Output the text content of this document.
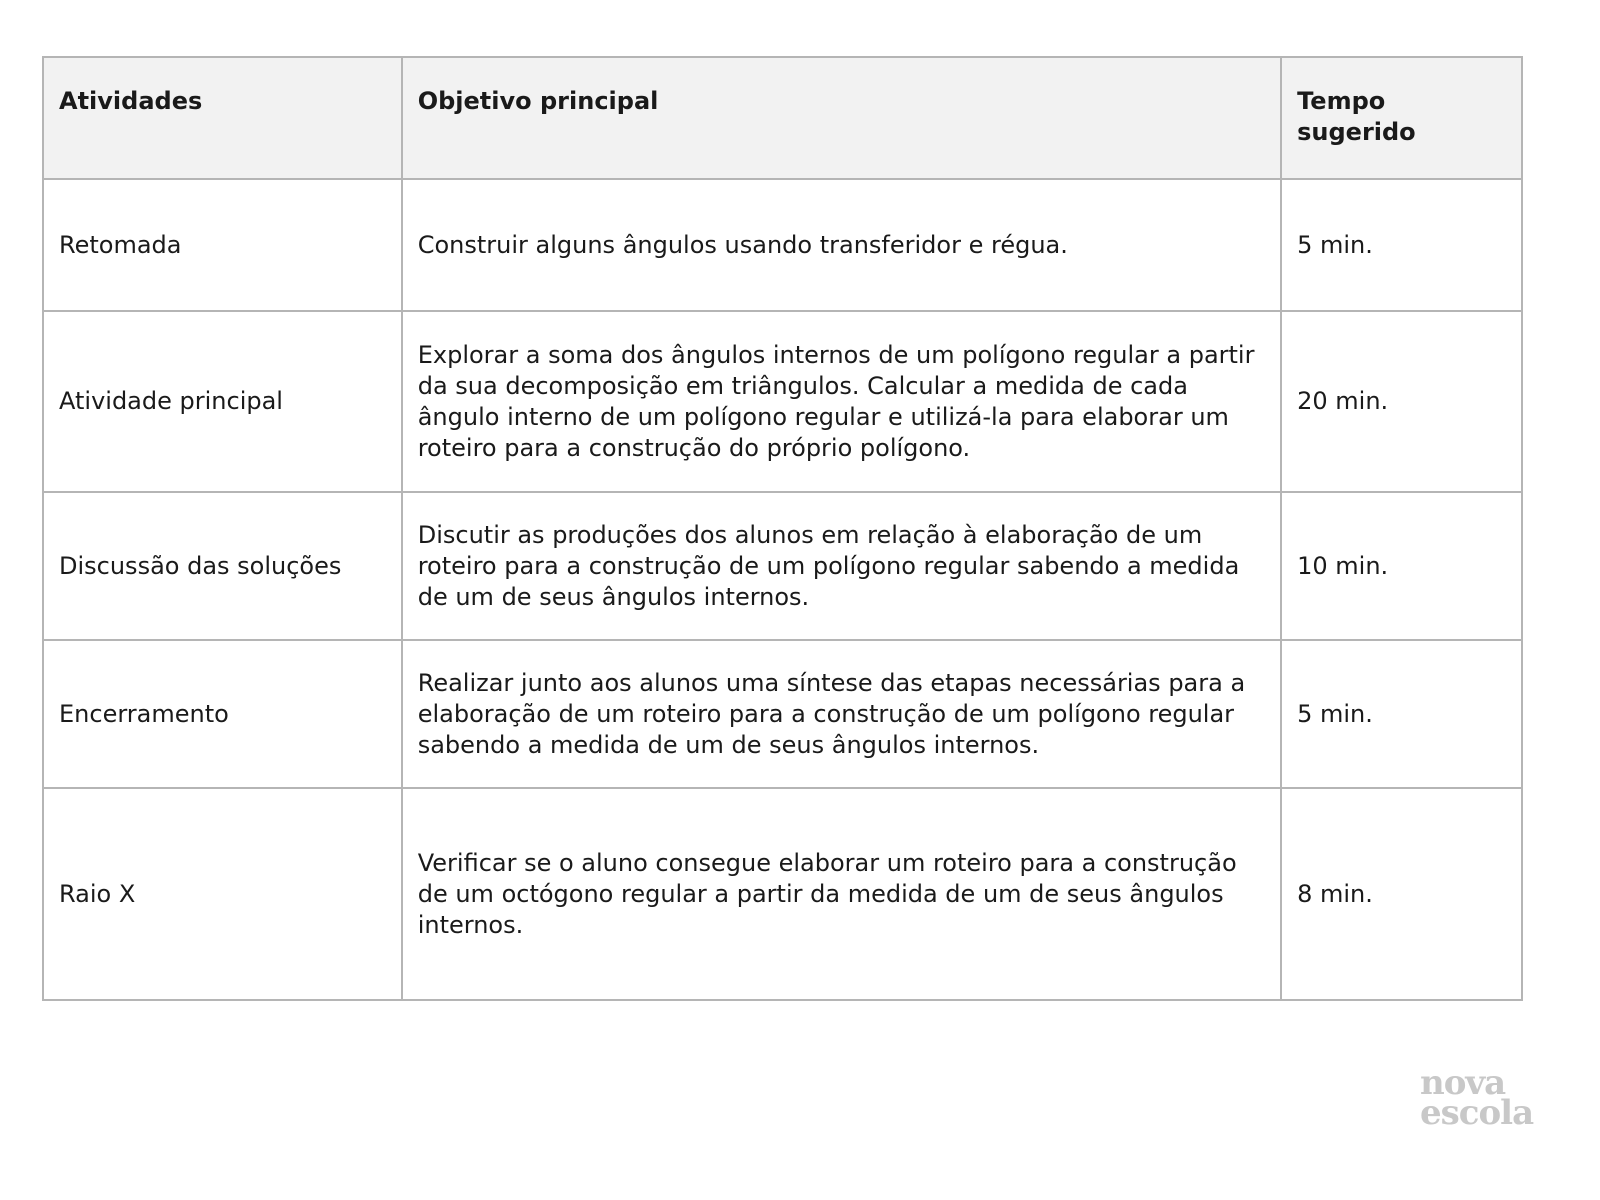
Atividades	Objetivo principal	Tempo sugerido

Retomada	Construir alguns ângulos usando transferidor e régua.	5 min.
Atividade principal	Explorar a soma dos ângulos internos de um polígono regular a partir da sua decomposição em triângulos. Calcular a medida de cada ângulo interno de um polígono regular e utilizá-la para elaborar um roteiro para a construção do próprio polígono.	20 min.
Discussão das soluções	Discutir as produções dos alunos em relação à elaboração de um roteiro para a construção de um polígono regular sabendo a medida de um de seus ângulos internos.	10 min.
Encerramento	Realizar junto aos alunos uma síntese das etapas necessárias para a elaboração de um roteiro para a construção de um polígono regular sabendo a medida de um de seus ângulos internos.	5 min.
Raio X	Verificar se o aluno consegue elaborar um roteiro para a construção de um octógono regular a partir da medida de um de seus ângulos internos.	8 min.
nova
escola
